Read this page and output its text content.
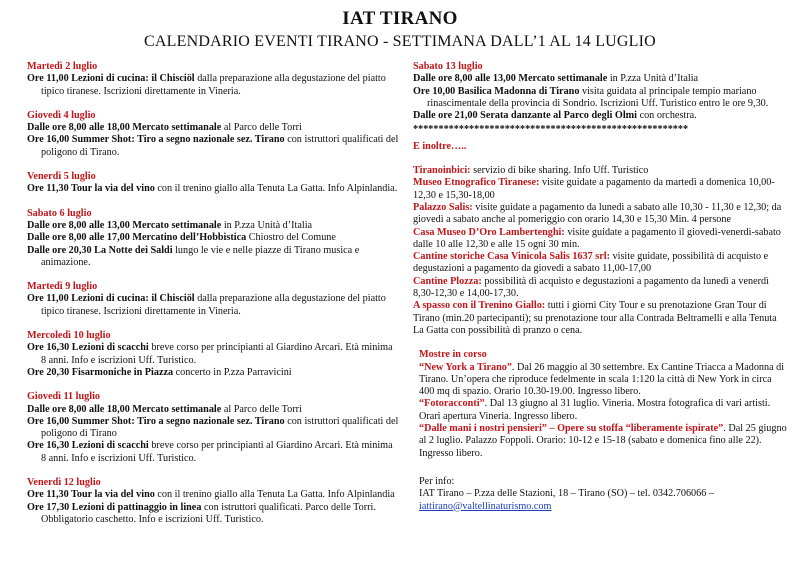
IAT TIRANO
CALENDARIO EVENTI TIRANO - SETTIMANA DALL’1 AL 14 LUGLIO
Martedì 2 luglio

Ore 11,00 Lezioni di cucina: il Chisciöl dalla preparazione alla degustazione del piatto tipico tiranese. Iscrizioni direttamente in Vineria.

Giovedì 4 luglio

Dalle ore 8,00 alle 18,00 Mercato settimanale al Parco delle Torri

Ore 16,00 Summer Shot: Tiro a segno nazionale sez. Tirano con istruttori qualificati del poligono di Tirano.

Venerdì 5 luglio

Ore 11,30 Tour la via del vino con il trenino giallo alla Tenuta La Gatta. Info Alpinlandia.

Sabato 6 luglio

Dalle ore 8,00 alle 13,00 Mercato settimanale in P.zza Unità d’Italia

Dalle ore 8,00 alle 17,00 Mercatino dell’Hobbistica Chiostro del Comune

Dalle ore 20,30 La Notte dei Saldi lungo le vie e nelle piazze di Tirano musica e animazione.

Martedì 9 luglio

Ore 11,00 Lezioni di cucina: il Chisciöl dalla preparazione alla degustazione del piatto tipico tiranese. Iscrizioni direttamente in Vineria.

Mercoledì 10 luglio

Ore 16,30 Lezioni di scacchi breve corso per principianti al Giardino Arcari. Età minima 8 anni. Info e iscrizioni Uff. Turistico.

Ore 20,30 Fisarmoniche in Piazza concerto in P.zza Parravicini

Giovedì 11 luglio

Dalle ore 8,00 alle 18,00 Mercato settimanale al Parco delle Torri

Ore 16,00 Summer Shot: Tiro a segno nazionale sez. Tirano con istruttori qualificati del poligono di Tirano

Ore 16,30 Lezioni di scacchi breve corso per principianti al Giardino Arcari. Età minima 8 anni. Info e iscrizioni Uff. Turistico.

Venerdì 12 luglio

Ore 11,30 Tour la via del vino con il trenino giallo alla Tenuta La Gatta. Info Alpinlandia

Ore 17,30 Lezioni di pattinaggio in linea con istruttori qualificati. Parco delle Torri. Obbligatorio caschetto. Info e iscrizioni Uff. Turistico.

Sabato 13 luglio

Dalle ore 8,00 alle 13,00 Mercato settimanale in P.zza Unità d’Italia

Ore 10,00 Basilica Madonna di Tirano visita guidata al principale tempio mariano rinascimentale della provincia di Sondrio. Iscrizioni Uff. Turistico entro le ore 9,30.

Dalle ore 21,00 Serata danzante al Parco degli Olmi con orchestra.

******************************************************
E inoltre…..

Tiranoinbici: servizio di bike sharing. Info Uff. Turistico

Museo Etnografico Tiranese: visite guidate a pagamento da martedì a domenica 10,00-12,30 e 15,30-18,00

Palazzo Salis: visite guidate a pagamento da lunedì a sabato alle 10,30 - 11,30 e 12,30; da giovedì a sabato anche al pomeriggio con orario 14,30 e 15,30 Min. 4 persone

Casa Museo D’Oro Lambertenghi: visite guidate a pagamento il giovedì-venerdì-sabato dalle 10 alle 12,30 e alle 15 ogni 30 min.

Cantine storiche Casa Vinicola Salis 1637 srl: visite guidate, possibilità di acquisto e degustazioni a pagamento da giovedì a sabato 11,00-17,00

Cantine Plozza: possibilità di acquisto e degustazioni a pagamento da lunedì a venerdì 8,30-12,30 e 14,00-17,30.

A spasso con il Trenino Giallo: tutti i giorni City Tour e su prenotazione Gran Tour di Tirano (min.20 partecipanti); su prenotazione tour alla Contrada Beltramelli e alla Tenuta La Gatta con possibilità di pranzo o cena.

Mostre in corso

“New York a Tirano”. Dal 26 maggio al 30 settembre. Ex Cantine Triacca a Madonna di Tirano. Un’opera che riproduce fedelmente in scala 1:120 la città di New York in circa 400 mq di spazio. Orario 10.30-19.00. Ingresso libero.

“Fotoracconti”. Dal 13 giugno al 31 luglio. Vineria. Mostra fotografica di vari artisti. Orari apertura Vineria. Ingresso libero.

“Dalle mani i nostri pensieri” – Opere su stoffa “liberamente ispirate”. Dal 25 giugno al 2 luglio. Palazzo Foppoli. Orario: 10-12 e 15-18 (sabato e domenica fino alle 22). Ingresso libero.

Per info:
IAT Tirano – P.zza delle Stazioni, 18 – Tirano (SO) – tel. 0342.706066 –
iattirano@valtellinaturismo.com
